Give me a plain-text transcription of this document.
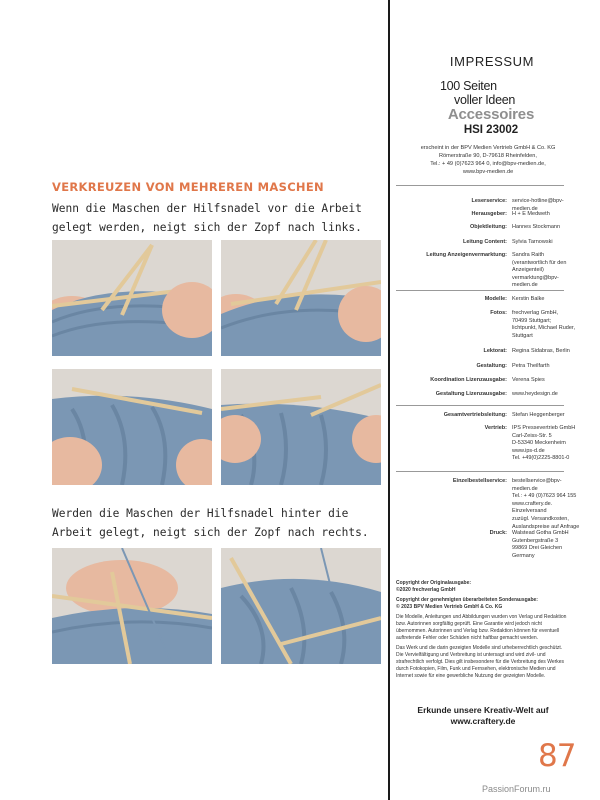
VERKREUZEN VON MEHREREN MASCHEN
Wenn die Maschen der Hilfsnadel vor die Arbeit gelegt werden, neigt sich der Zopf nach links.
Werden die Maschen der Hilfsnadel hinter die Arbeit gelegt, neigt sich der Zopf nach rechts.
IMPRESSUM
100 Seiten
voller Ideen
Accessoires
HSI 23002
erscheint in der BPV Medien Vertrieb GmbH & Co. KG
Römerstraße 90, D-79618 Rheinfelden,
Tel.: + 49 (0)7623 964 0, info@bpv-medien.de,
www.bpv-medien.de
Leserservice: service-hotline@bpv-medien.de
Herausgeber: H + E Medweth
Objektleitung: Hannes Stockmann
Leitung Content: Sylvia Tarnowski
Leitung Anzeigenvermarktung: Sandra Raith
(verantwortlich für den
Anzeigenteil)
vermarktung@bpv-medien.de
Modelle: Kerstin Balke
Fotos: frechverlag GmbH,
70499 Stuttgart;
lichtpunkt, Michael Ruder,
Stuttgart
Lektorat: Regina Sidabras, Berlin
Gestaltung: Petra Theilfarth
Koordination Lizenzausgabe: Verena Spies
Gestaltung Lizenzausgabe: www.heydesign.de
Gesamtvertriebsleitung: Stefan Heggenberger
Vertrieb: IPS Pressevertrieb GmbH
Carl-Zeiss-Str. 5
D-53340 Meckenheim
www.ips-d.de
Tel. +49(0)2225-8801-0
Einzelbestellservice: bestellservice@bpv-medien.de
Tel.: + 49 (0)7623 964 155
www.craftery.de.
Einzelversand
zuzügl. Versandkosten,
Auslandspreise auf Anfrage
Druck: Walstead Gotha GmbH
Gutenbergstraße 3
99869 Drei Gleichen
Germany
Copyright der Originalausgabe:
©2020 frechverlag GmbH
Copyright der genehmigten überarbeiteten Sonderausgabe:
© 2023 BPV Medien Vertrieb GmbH & Co. KG
Die Modelle, Anleitungen und Abbildungen wurden von Verlag und Redaktion bzw. Autorinnen sorgfältig geprüft. Eine Garantie wird jedoch nicht übernommen. Autorinnen und Verlag bzw. Redaktion können für eventuell auftretende Fehler oder Schäden nicht haftbar gemacht werden.
Das Werk und die darin gezeigten Modelle sind urheberrechtlich geschützt. Die Vervielfältigung und Verbreitung ist untersagt und wird zivil- und strafrechtlich verfolgt. Dies gilt insbesondere für die Verbreitung des Werkes durch Fotokopien, Film, Funk und Fernsehen, elektronische Medien und Internet sowie für eine gewerbliche Nutzung der gezeigten Modelle.
Erkunde unsere Kreativ-Welt auf
www.craftery.de
87
PassionForum.ru
